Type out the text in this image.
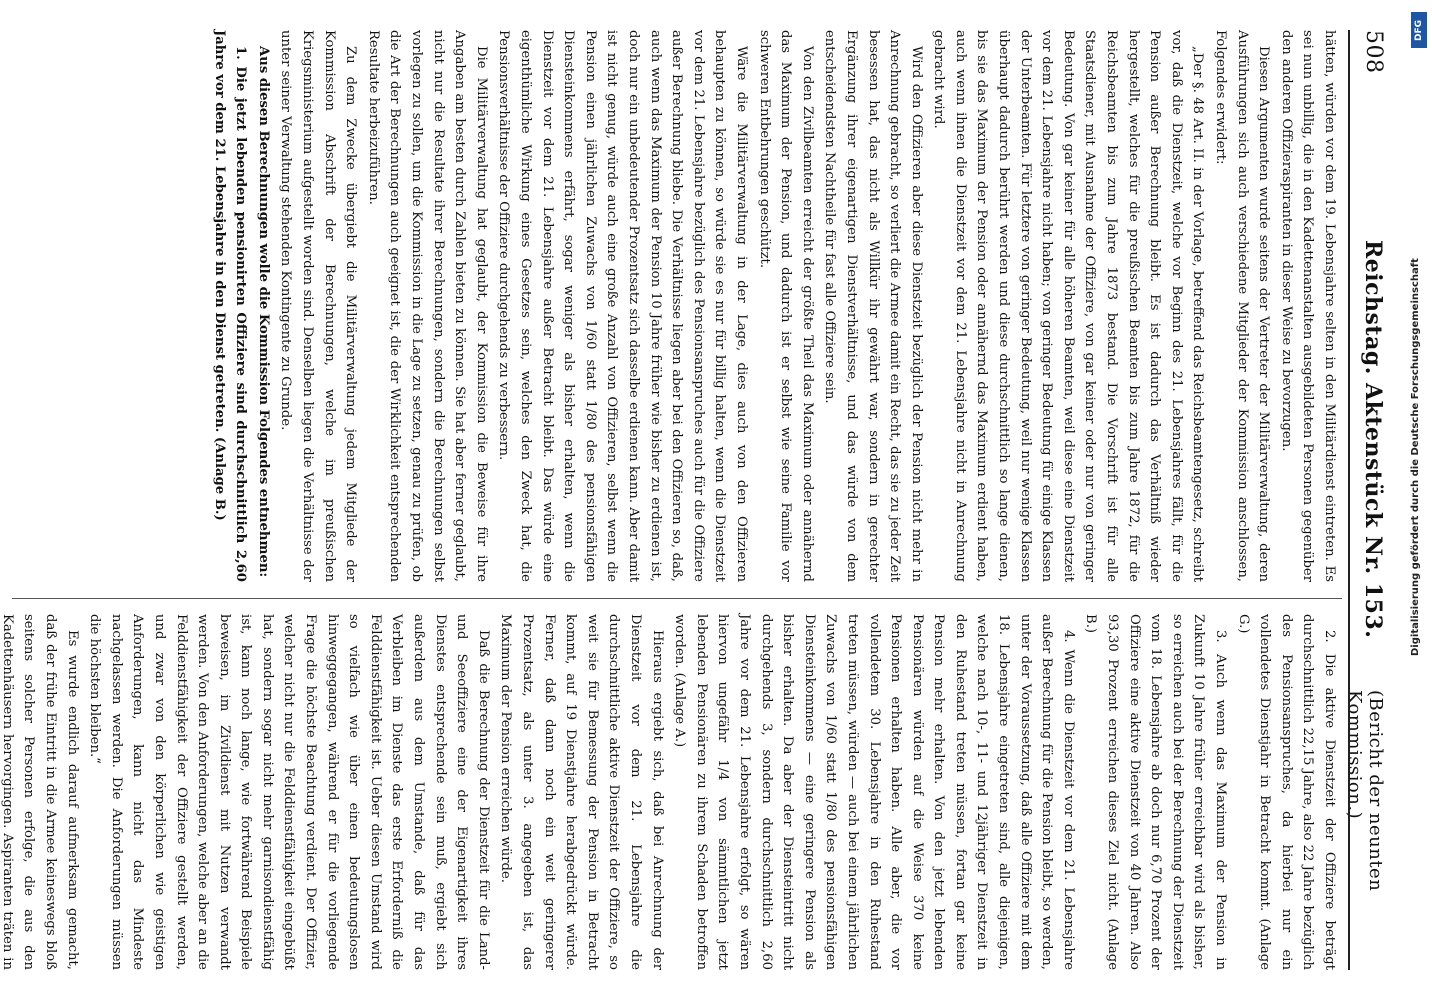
508
Reichstag. Aktenstück Nr. 153.
(Bericht der neunten Kommission.)

hätten, würden vor dem 19. Lebensjahre selten in den Militärdienst eintreten. Es sei nun unbillig, die in den Kadettenanstalten ausgebildeten Personen gegenüber den anderen Offizieraspiranten in dieser Weise zu bevorzugen.

Diesen Argumenten wurde seitens der Vertreter der Militärverwaltung, deren Ausführungen sich auch verschiedene Mitglieder der Kommission anschlossen, Folgendes erwidert:

„Der §. 48 Art. II. in der Vorlage, betreffend das Reichsbeamtengesetz, schreibt vor, daß die Dienstzeit, welche vor Beginn des 21. Lebensjahres fällt, für die Pension außer Berechnung bleibt. Es ist dadurch das Verhältniß wieder hergestellt, welches für die preußischen Beamten bis zum Jahre 1872, für die Reichsbeamten bis zum Jahre 1873 bestand. Die Vorschrift ist für alle Staatsdiener, mit Ausnahme der Offiziere, von gar keiner oder nur von geringer Bedeutung. Von gar keiner für alle höheren Beamten, weil diese eine Dienstzeit vor dem 21. Lebensjahre nicht haben; von geringer Bedeutung für einige Klassen der Unterbeamten. Für letztere von geringer Bedeutung, weil nur wenige Klassen überhaupt dadurch berührt werden und diese durchschnittlich so lange dienen, bis sie das Maximum der Pension oder annähernd das Maximum erdient haben, auch wenn ihnen die Dienstzeit vor dem 21. Lebensjahre nicht in Anrechnung gebracht wird.

Wird den Offizieren aber diese Dienstzeit bezüglich der Pension nicht mehr in Anrechnung gebracht, so verliert die Armee damit ein Recht, das sie zu jeder Zeit besessen hat, das nicht als Willkür ihr gewährt war, sondern in gerechter Ergänzung ihrer eigenartigen Dienstverhältnisse, und das würde von dem entscheidendsten Nachtheile für fast alle Offiziere sein.

Von den Zivilbeamten erreicht der größte Theil das Maximum oder annähernd das Maximum der Pension, und dadurch ist er selbst wie seine Familie vor schweren Entbehrungen geschützt.

Wäre die Militärverwaltung in der Lage, dies auch von den Offizieren behaupten zu können, so würde sie es nur für billig halten, wenn die Dienstzeit vor dem 21. Lebensjahre bezüglich des Pensionsanspruches auch für die Offiziere außer Berechnung bliebe. Die Verhältnisse liegen aber bei den Offizieren so, daß, auch wenn das Maximum der Pension 10 Jahre früher wie bisher zu erdienen ist, doch nur ein unbedeutender Prozentsatz sich dasselbe erdienen kann. Aber damit ist nicht genug, würde auch eine große Anzahl von Offizieren, selbst wenn die Pension einen jährlichen Zuwachs von 1/60 statt 1/80 des pensionsfähigen Diensteinkommens erfährt, sogar weniger als bisher erhalten, wenn die Dienstzeit vor dem 21. Lebensjahre außer Betracht bleibt. Das würde eine eigenthümliche Wirkung eines Gesetzes sein, welches den Zweck hat, die Pensionsverhältnisse der Offiziere durchgehends zu verbessern.

Die Militärverwaltung hat geglaubt, der Kommission die Beweise für ihre Angaben am besten durch Zahlen bieten zu können. Sie hat aber ferner geglaubt, nicht nur die Resultate ihrer Berechnungen, sondern die Berechnungen selbst vorlegen zu sollen, um die Kommission in die Lage zu setzen, genau zu prüfen, ob die Art der Berechnungen auch geeignet ist, die der Wirklichkeit entsprechenden Resultate herbeizuführen.

Zu dem Zwecke übergiebt die Militärverwaltung jedem Mitgliede der Kommission Abschrift der Berechnungen, welche im preußischen Kriegsministerium aufgestellt worden sind. Denselben liegen die Verhältnisse der unter seiner Verwaltung stehenden Kontingente zu Grunde.

Aus diesen Berechnungen wolle die Kommission Folgendes entnehmen:

1. Die jetzt lebenden pensionirten Offiziere sind durchschnittlich 2,60 Jahre vor dem 21. Lebensjahre in den Dienst getreten. (Anlage B.)

2. Die aktive Dienstzeit der Offiziere beträgt durchschnittlich 22,15 Jahre, also 22 Jahre bezüglich des Pensionsanspruches, da hierbei nur ein vollendetes Dienstjahr in Betracht kommt. (Anlage G.)

3. Auch wenn das Maximum der Pension in Zukunft 10 Jahre früher erreichbar wird als bisher, so erreichen auch bei der Berechnung der Dienstzeit vom 18. Lebensjahre ab doch nur 6,70 Prozent der Offiziere eine aktive Dienstzeit von 40 Jahren. Also 93,30 Prozent erreichen dieses Ziel nicht. (Anlage B.)

4. Wenn die Dienstzeit vor dem 21. Lebensjahre außer Berechnung für die Pension bleibt, so werden, unter der Voraussetzung, daß alle Offiziere mit dem 18. Lebensjahre eingetreten sind, alle diejenigen, welche nach 10-, 11- und 12jähriger Dienstzeit in den Ruhestand treten müssen, fortan gar keine Pension mehr erhalten. Von den jetzt lebenden Pensionären würden auf die Weise 370 keine Pensionen erhalten haben. Alle aber, die vor vollendetem 30. Lebensjahre in den Ruhestand treten müssen, würden — auch bei einem jährlichen Zuwachs von 1/60 statt 1/80 des pensionsfähigen Diensteinkommens — eine geringere Pension als bisher erhalten. Da aber der Diensteintritt nicht durchgehends 3, sondern durchschnittlich 2,60 Jahre vor dem 21. Lebensjahre erfolgt, so wären hiervon ungefähr 1/4 von sämmtlichen jetzt lebenden Pensionären zu ihrem Schaden betroffen worden. (Anlage A.)

Hieraus ergiebt sich, daß bei Anrechnung der Dienstzeit vor dem 21. Lebensjahre die durchschnittliche aktive Dienstzeit der Offiziere, so weit sie für Bemessung der Pension in Betracht kommt, auf 19 Dienstjahre herabgedrückt würde. Ferner, daß dann noch ein weit geringerer Prozentsatz, als unter 3. angegeben ist, das Maximum der Pension erreichen würde.

Daß die Berechnung der Dienstzeit für die Land- und Seeoffiziere eine der Eigenartigkeit ihres Dienstes entsprechende sein muß, ergiebt sich außerdem aus dem Umstande, daß für das Verbleiben im Dienste das erste Erforderniß die Felddienstfähigkeit ist. Ueber diesen Umstand wird so vielfach wie über einen bedeutungslosen hinweggegangen, während er für die vorliegende Frage die höchste Beachtung verdient. Der Offizier, welcher nicht nur die Felddienstfähigkeit eingebüßt hat, sondern sogar nicht mehr garnisondienstfähig ist, kann noch lange, wie fortwährend Beispiele beweisen, im Zivildienst mit Nutzen verwandt werden. Von den Anforderungen, welche aber an die Felddienstfähigkeit der Offiziere gestellt werden, und zwar von den körperlichen wie geistigen Anforderungen, kann nicht das Mindeste nachgelassen werden. Die Anforderungen müssen die höchsten bleiben.“

Es wurde endlich darauf aufmerksam gemacht, daß der frühe Eintritt in die Armee keineswegs bloß seitens solcher Personen erfolge, die aus den Kadettenhäusern hervorgingen. Aspiranten träten in

DFG
Digitalisierung gefördert durch die Deutsche Forschungsgemeinschaft
